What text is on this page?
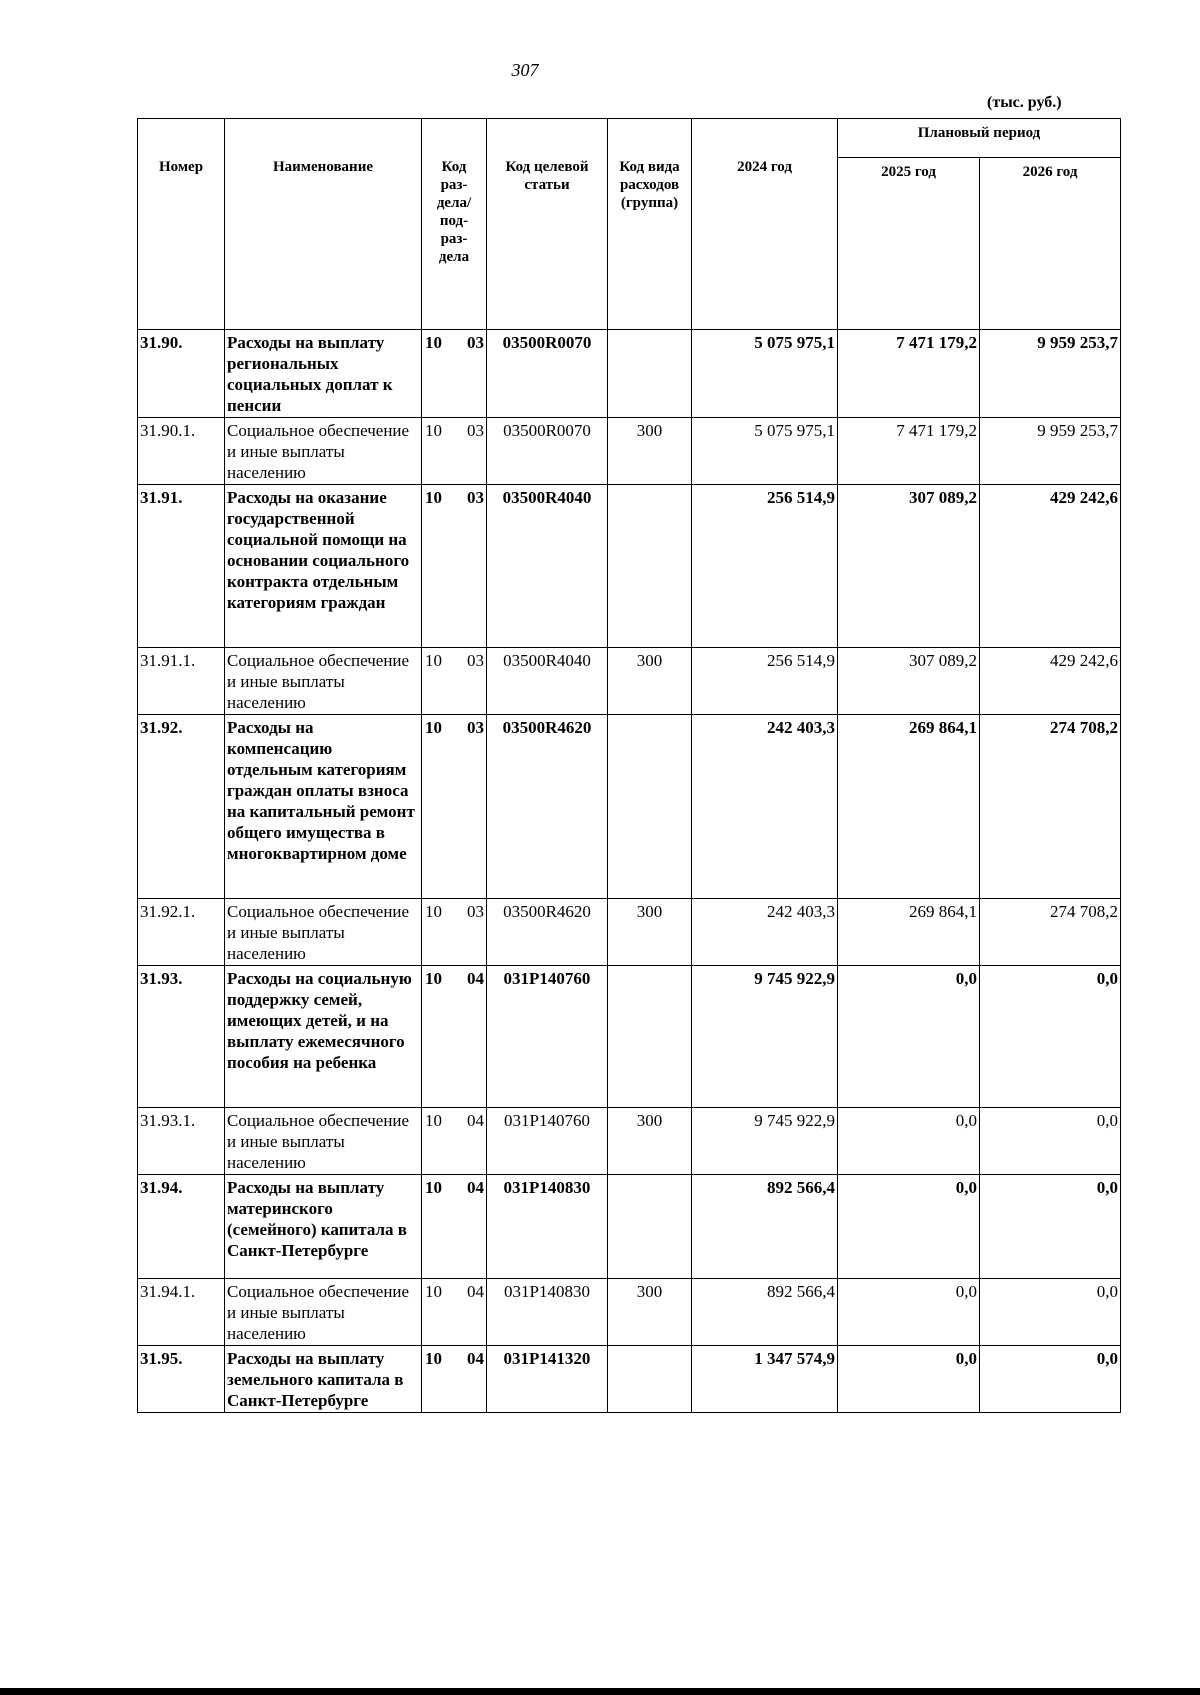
307
(тыс. руб.)
Номер	Наименование	Код раз-дела/ под-раз-дела	Код целевой статьи	Код вида расходов (группа)	2024 год	Плановый период	
						2025 год	2026 год
31.90.	Расходы на выплату региональных социальных доплат к пенсии	10 03	03500R0070		5 075 975,1	7 471 179,2	9 959 253,7
31.90.1.	Социальное обеспечение и иные выплаты населению	10 03	03500R0070	300	5 075 975,1	7 471 179,2	9 959 253,7
31.91.	Расходы на оказание государственной социальной помощи на основании социального контракта отдельным категориям граждан	10 03	03500R4040		256 514,9	307 089,2	429 242,6
31.91.1.	Социальное обеспечение и иные выплаты населению	10 03	03500R4040	300	256 514,9	307 089,2	429 242,6
31.92.	Расходы на компенсацию отдельным категориям граждан оплаты взноса на капитальный ремонт общего имущества в многоквартирном доме	10 03	03500R4620		242 403,3	269 864,1	274 708,2
31.92.1.	Социальное обеспечение и иные выплаты населению	10 03	03500R4620	300	242 403,3	269 864,1	274 708,2
31.93.	Расходы на социальную поддержку семей, имеющих детей, и на выплату ежемесячного пособия на ребенка	10 04	031P140760		9 745 922,9	0,0	0,0
31.93.1.	Социальное обеспечение и иные выплаты населению	10 04	031P140760	300	9 745 922,9	0,0	0,0
31.94.	Расходы на выплату материнского (семейного) капитала в Санкт-Петербурге	10 04	031P140830		892 566,4	0,0	0,0
31.94.1.	Социальное обеспечение и иные выплаты населению	10 04	031P140830	300	892 566,4	0,0	0,0
31.95.	Расходы на выплату земельного капитала в Санкт-Петербурге	10 04	031P141320		1 347 574,9	0,0	0,0
